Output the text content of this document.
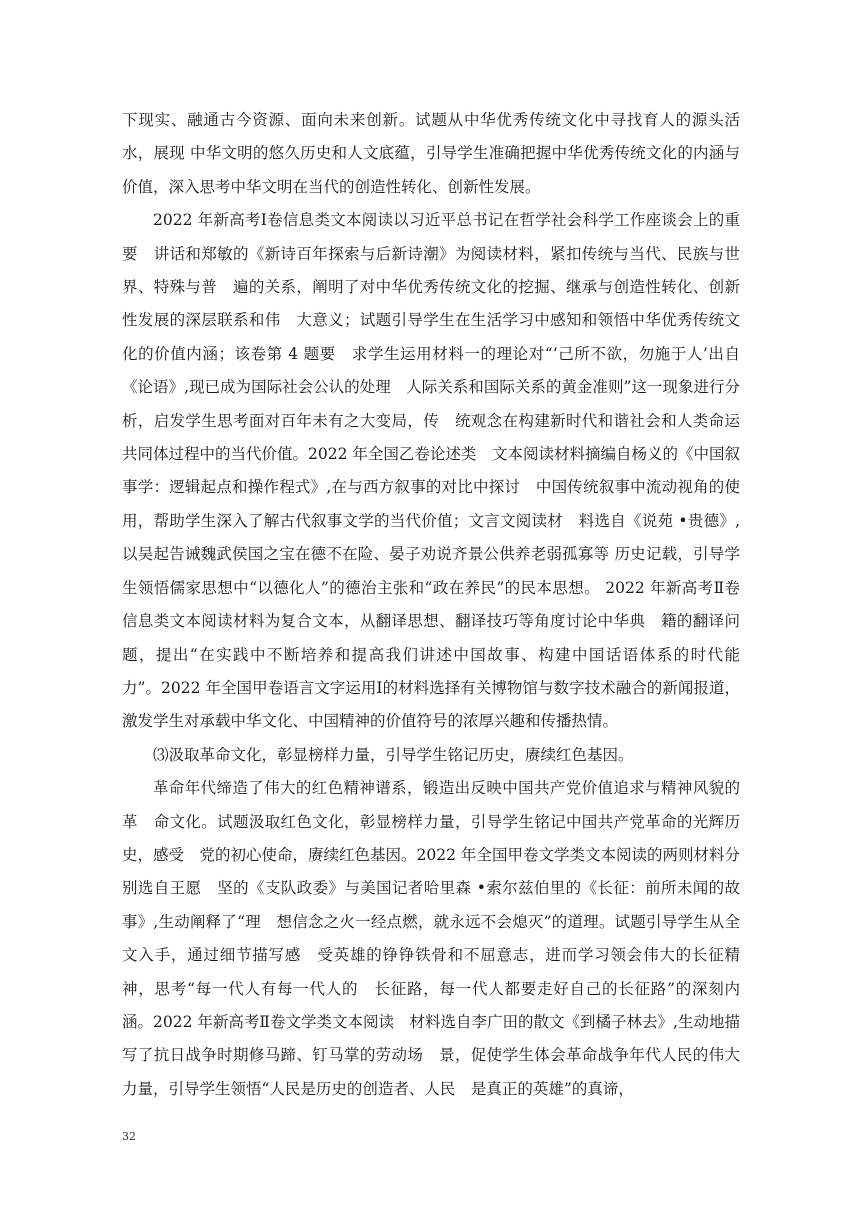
下现实、融通古今资源、面向未来创新。试题从中华优秀传统文化中寻找育人的源头活水，展现 中华文明的悠久历史和人文底蕴，引导学生准确把握中华优秀传统文化的内涵与价值，深入思考中华文明在当代的创造性转化、创新性发展。

2022 年新高考Ⅰ卷信息类文本阅读以习近平总书记在哲学社会科学工作座谈会上的重要　讲话和郑敏的《新诗百年探索与后新诗潮》为阅读材料，紧扣传统与当代、民族与世界、特殊与普　遍的关系，阐明了对中华优秀传统文化的挖掘、继承与创造性转化、创新性发展的深层联系和伟　大意义；试题引导学生在生活学习中感知和领悟中华优秀传统文化的价值内涵；该卷第 4 题要　求学生运用材料一的理论对“‘己所不欲，勿施于人’出自《论语》,现已成为国际社会公认的处理　人际关系和国际关系的黄金准则”这一现象进行分析，启发学生思考面对百年未有之大变局，传　统观念在构建新时代和谐社会和人类命运共同体过程中的当代价值。2022 年全国乙卷论述类　文本阅读材料摘编自杨义的《中国叙事学：逻辑起点和操作程式》,在与西方叙事的对比中探讨　中国传统叙事中流动视角的使用，帮助学生深入了解古代叙事文学的当代价值；文言文阅读材　料选自《说苑 •贵德》,以吴起告诫魏武侯国之宝在德不在险、晏子劝说齐景公供养老弱孤寡等 历史记载，引导学生领悟儒家思想中“以德化人”的德治主张和“政在养民”的民本思想。 2022 年新高考Ⅱ卷信息类文本阅读材料为复合文本，从翻译思想、翻译技巧等角度讨论中华典　籍的翻译问题，提出“在实践中不断培养和提高我们讲述中国故事、构建中国话语体系的时代能　力”。2022 年全国甲卷语言文字运用Ⅰ的材料选择有关博物馆与数字技术融合的新闻报道，激发学生对承载中华文化、中国精神的价值符号的浓厚兴趣和传播热情。

⑶汲取革命文化，彰显榜样力量，引导学生铭记历史，赓续红色基因。

革命年代缔造了伟大的红色精神谱系，锻造出反映中国共产党价值追求与精神风貌的革　命文化。试题汲取红色文化，彰显榜样力量，引导学生铭记中国共产党革命的光辉历史，感受　党的初心使命，赓续红色基因。2022 年全国甲卷文学类文本阅读的两则材料分别选自王愿　坚的《支队政委》与美国记者哈里森 •索尔兹伯里的《长征：前所未闻的故事》,生动阐释了“理　想信念之火一经点燃，就永远不会熄灭”的道理。试题引导学生从全文入手，通过细节描写感　受英雄的铮铮铁骨和不屈意志，进而学习领会伟大的长征精神，思考“每一代人有每一代人的　长征路，每一代人都要走好自己的长征路”的深刻内涵。2022 年新高考Ⅱ卷文学类文本阅读　材料选自李广田的散文《到橘子林去》,生动地描写了抗日战争时期修马蹄、钉马掌的劳动场　景，促使学生体会革命战争年代人民的伟大力量，引导学生领悟“人民是历史的创造者、人民　是真正的英雄”的真谛，

32
